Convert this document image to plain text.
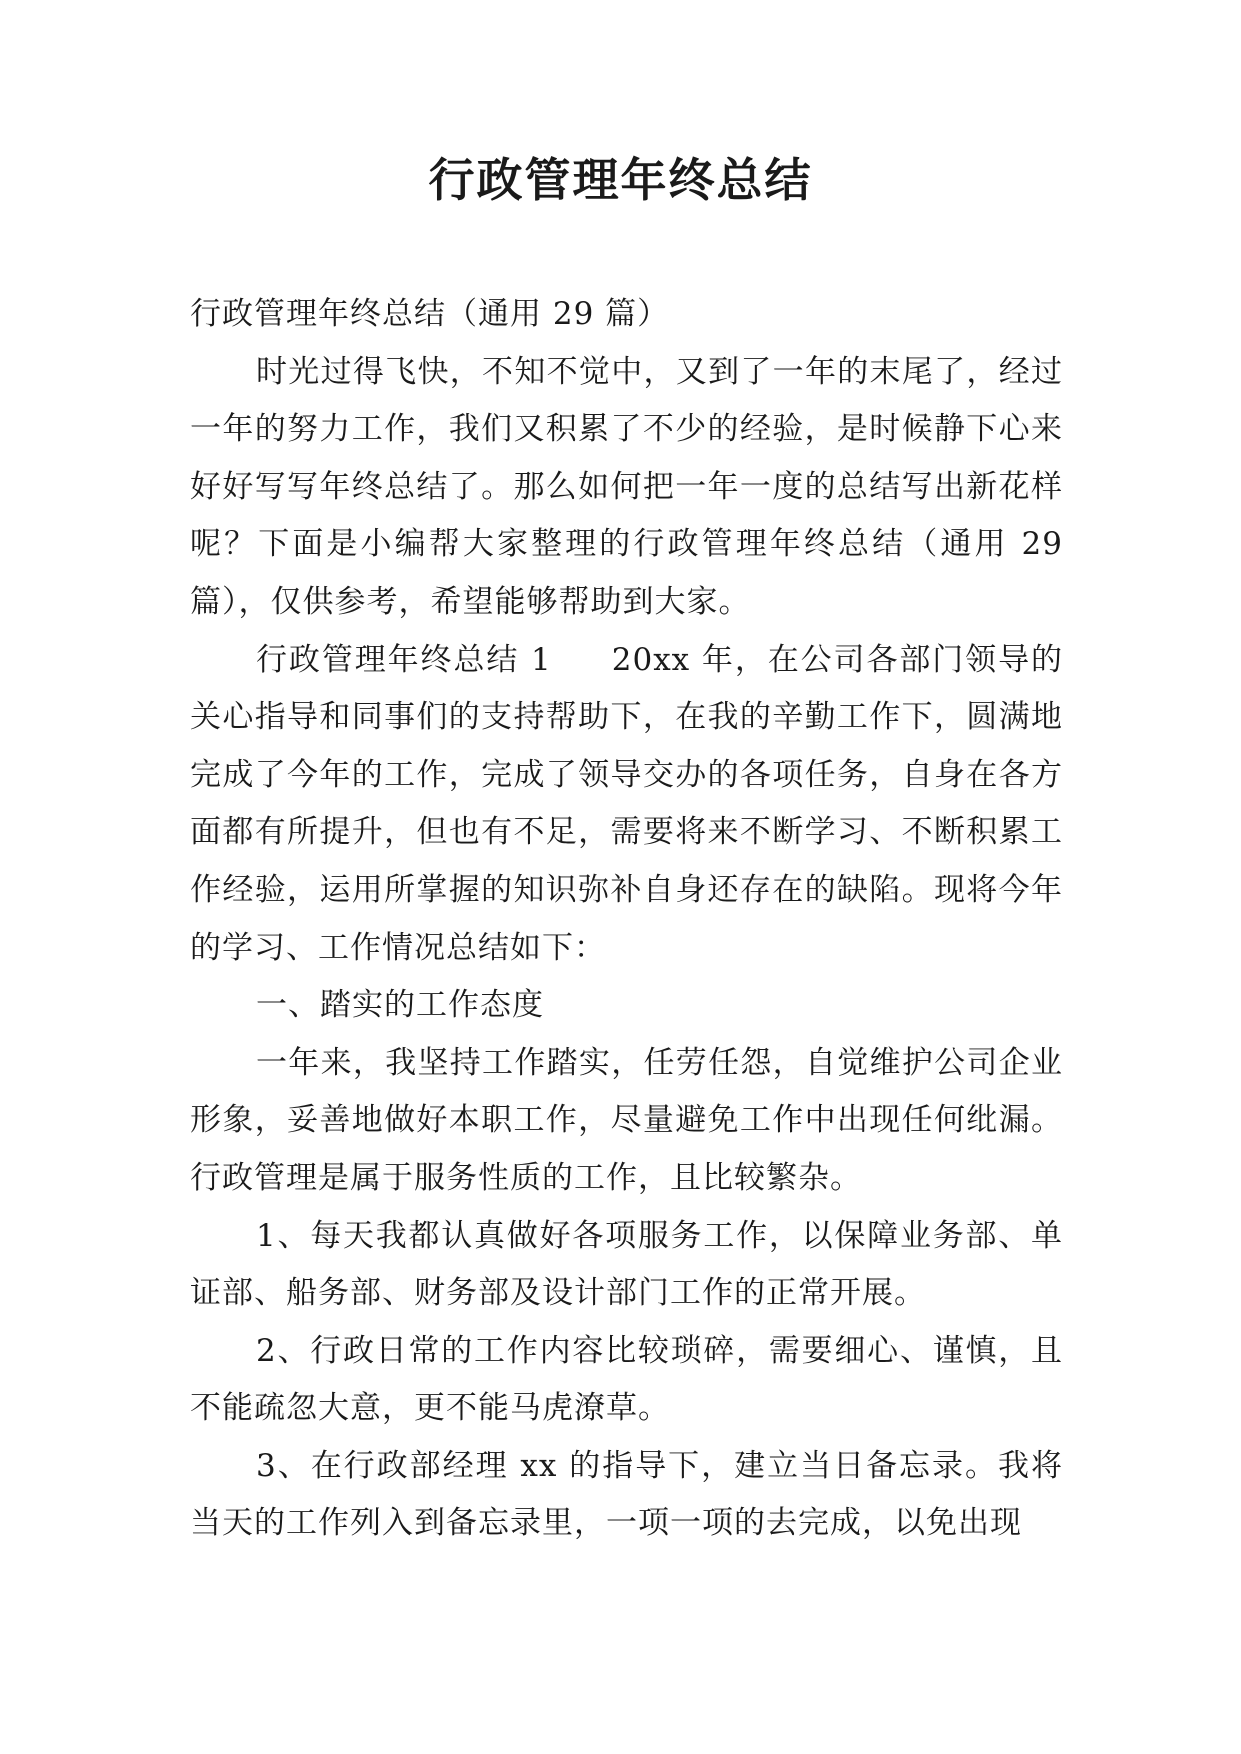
行政管理年终总结

行政管理年终总结（通用 29 篇）

时光过得飞快，不知不觉中，又到了一年的末尾了，经过一年的努力工作，我们又积累了不少的经验，是时候静下心来好好写写年终总结了。那么如何把一年一度的总结写出新花样呢？下面是小编帮大家整理的行政管理年终总结（通用 29 篇），仅供参考，希望能够帮助到大家。

行政管理年终总结 1 20xx 年，在公司各部门领导的关心指导和同事们的支持帮助下，在我的辛勤工作下，圆满地完成了今年的工作，完成了领导交办的各项任务，自身在各方面都有所提升，但也有不足，需要将来不断学习、不断积累工作经验，运用所掌握的知识弥补自身还存在的缺陷。现将今年的学习、工作情况总结如下：

一、踏实的工作态度

一年来，我坚持工作踏实，任劳任怨，自觉维护公司企业形象，妥善地做好本职工作，尽量避免工作中出现任何纰漏。行政管理是属于服务性质的工作，且比较繁杂。

1、每天我都认真做好各项服务工作，以保障业务部、单证部、船务部、财务部及设计部门工作的正常开展。

2、行政日常的工作内容比较琐碎，需要细心、谨慎，且不能疏忽大意，更不能马虎潦草。

3、在行政部经理 xx 的指导下，建立当日备忘录。我将当天的工作列入到备忘录里，一项一项的去完成，以免出现
